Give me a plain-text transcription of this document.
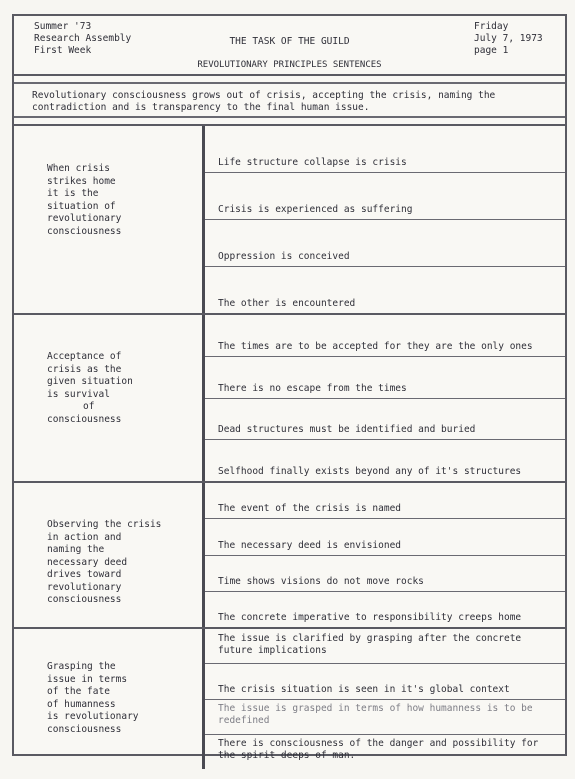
Summer '73
Research Assembly
First Week
THE TASK OF THE GUILD
REVOLUTIONARY PRINCIPLES SENTENCES
Friday
July 7, 1973
page 1
Revolutionary consciousness grows out of crisis, accepting the crisis, naming the contradiction and is transparency to the final human issue.
When crisis
strikes home
it is the
situation of
revolutionary
consciousness
Life structure collapse is crisis
Crisis is experienced as suffering
Oppression is conceived
The other is encountered
Acceptance of
crisis as the
given situation
is survival
of
consciousness
The times are to be accepted for they are the only ones
There is no escape from the times
Dead structures must be identified and buried
Selfhood finally exists beyond any of it's structures
Observing the crisis
in action and
naming the
necessary deed
drives toward
revolutionary
consciousness
The event of the crisis is named
The necessary deed is envisioned
Time shows visions do not move rocks
The concrete imperative to responsibility creeps home
Grasping the
issue in terms
of the fate
of humanness
is revolutionary
consciousness
The issue is clarified by grasping after the concrete future implications
The crisis situation is seen in it's global context
The issue is grasped in terms of how humanness is to be redefined
There is consciousness of the danger and possibility for the spirit deeps of man.
